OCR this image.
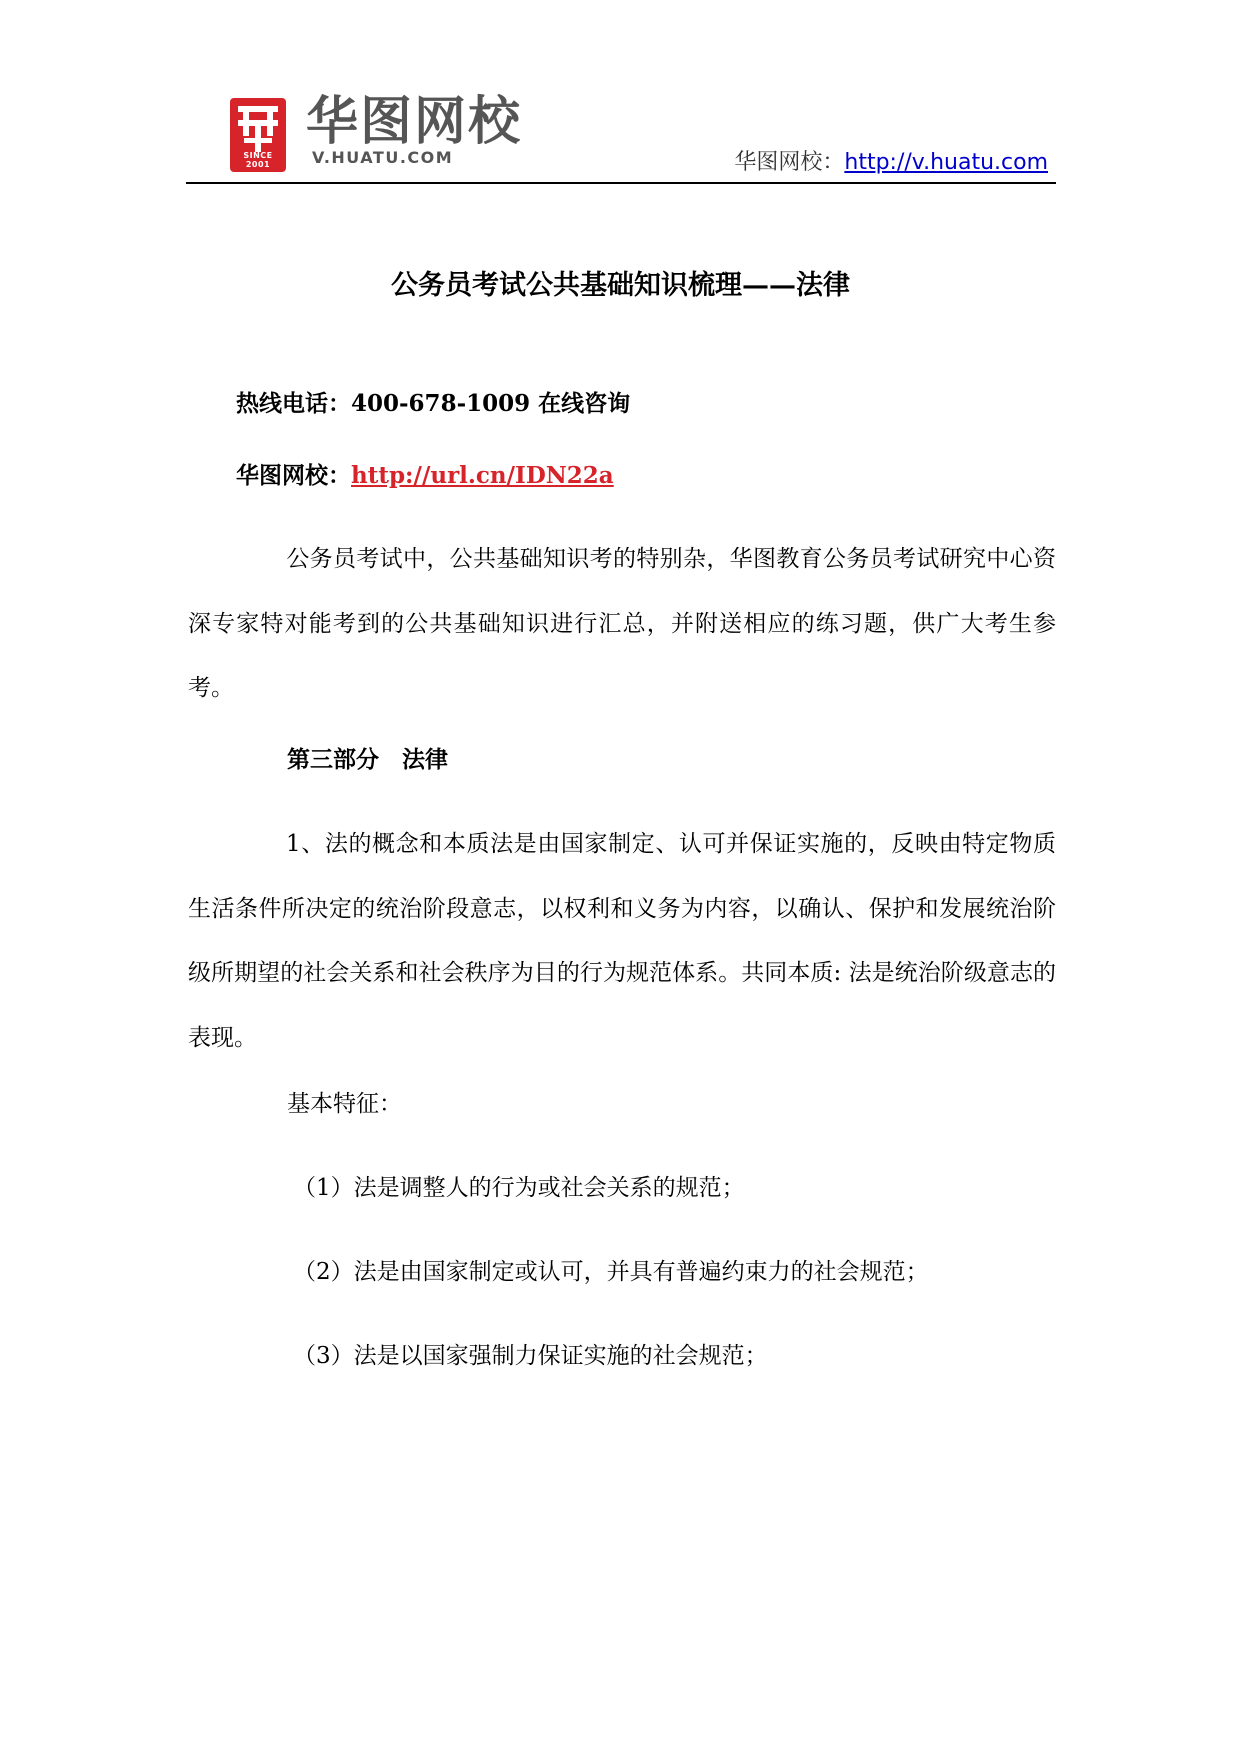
SINCE 2001
华图网校
V.HUATU.COM	华图网校：http://v.huatu.com
公务员考试公共基础知识梳理——法律
热线电话：400-678-1009 在线咨询
华图网校：http://url.cn/IDN22a
公务员考试中，公共基础知识考的特别杂，华图教育公务员考试研究中心资深专家特对能考到的公共基础知识进行汇总，并附送相应的练习题，供广大考生参考。
第三部分　法律
1、法的概念和本质法是由国家制定、认可并保证实施的，反映由特定物质生活条件所决定的统治阶段意志，以权利和义务为内容，以确认、保护和发展统治阶级所期望的社会关系和社会秩序为目的行为规范体系。共同本质: 法是统治阶级意志的表现。
基本特征：
（1）法是调整人的行为或社会关系的规范；
（2）法是由国家制定或认可，并具有普遍约束力的社会规范；
（3）法是以国家强制力保证实施的社会规范；
